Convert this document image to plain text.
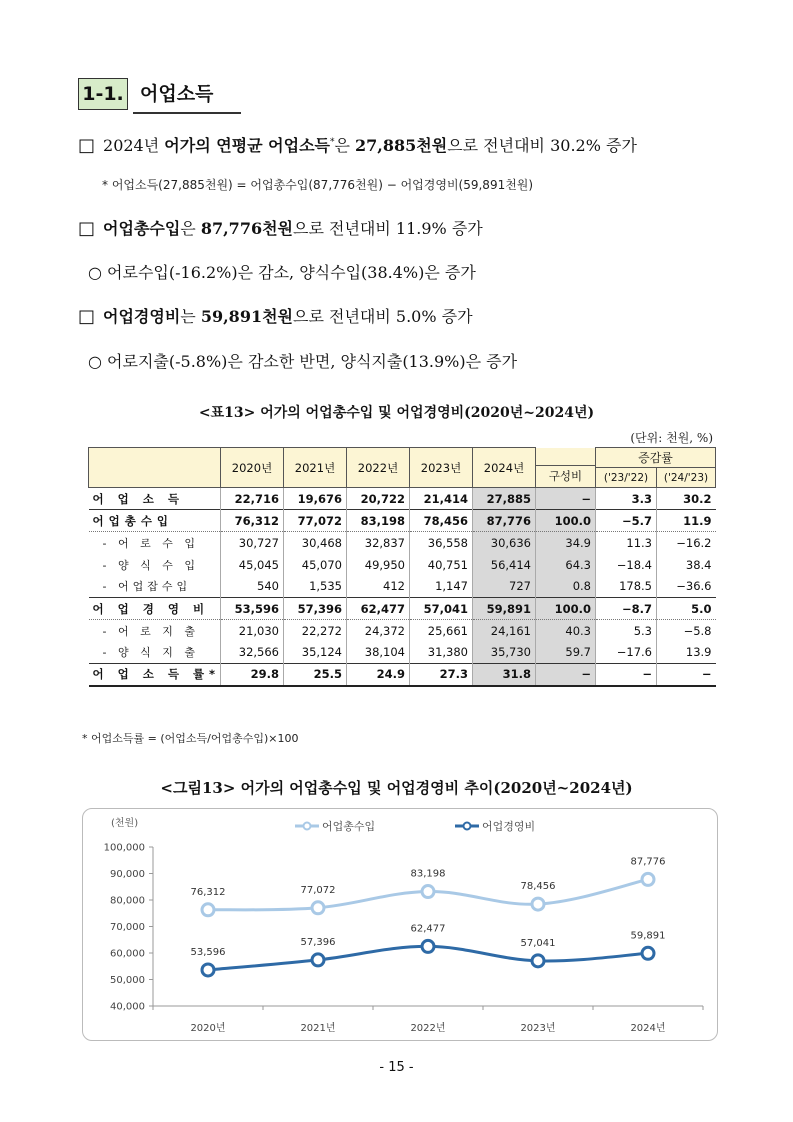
1-1. 어업소득
□ 2024년 어가의 연평균 어업소득*은 27,885천원으로 전년대비 30.2% 증가
* 어업소득(27,885천원) = 어업총수입(87,776천원) − 어업경영비(59,891천원)
□ 어업총수입은 87,776천원으로 전년대비 11.9% 증가
○ 어로수입(-16.2%)은 감소, 양식수입(38.4%)은 증가
□ 어업경영비는 59,891천원으로 전년대비 5.0% 증가
○ 어로지출(-5.8%)은 감소한 반면, 양식지출(13.9%)은 증가
<표13> 어가의 어업총수입 및 어업경영비(2020년~2024년)
(단위: 천원, %)
	2020년	2021년	2022년	2023년	2024년	구성비	증감률	
							('23/'22)	('24/'23)
어 업 소 득	22,716	19,676	20,722	21,414	27,885	−	3.3	30.2
어업총수입	76,312	77,072	83,198	78,456	87,776	100.0	−5.7	11.9
- 어 로 수 입	30,727	30,468	32,837	36,558	30,636	34.9	11.3	−16.2
- 양 식 수 입	45,045	45,070	49,950	40,751	56,414	64.3	−18.4	38.4
- 어업잡수입	540	1,535	412	1,147	727	0.8	178.5	−36.6
어 업 경 영 비	53,596	57,396	62,477	57,041	59,891	100.0	−8.7	5.0
- 어 로 지 출	21,030	22,272	24,372	25,661	24,161	40.3	5.3	−5.8
- 양 식 지 출	32,566	35,124	38,104	31,380	35,730	59.7	−17.6	13.9
어 업 소 득 률*	29.8	25.5	24.9	27.3	31.8	−	−	−
* 어업소득률 = (어업소득/어업총수입)×100
<그림13> 어가의 어업총수입 및 어업경영비 추이(2020년~2024년)
(천원)
100,000
90,000
80,000
70,000
60,000
50,000
40,000
2020년	2021년	2022년	2023년	2024년
어업총수입	어업경영비
76,312	77,072
83,198
78,456
87,776
53,596
57,396
62,477
57,041
59,891
- 15 -
